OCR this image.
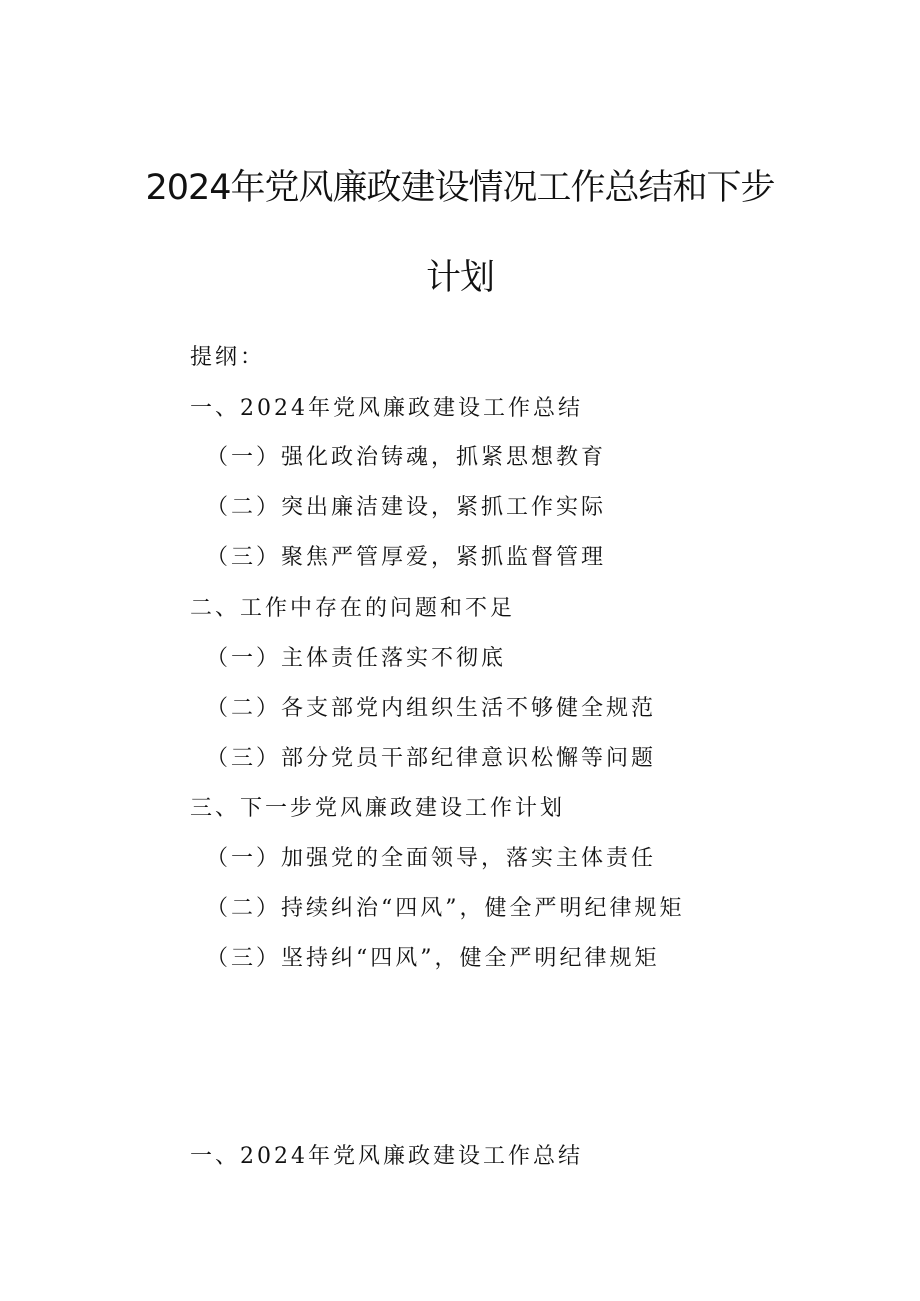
2024年党风廉政建设情况工作总结和下步
计划

提纲：

一、2024年党风廉政建设工作总结

（一）强化政治铸魂，抓紧思想教育

（二）突出廉洁建设，紧抓工作实际

（三）聚焦严管厚爱，紧抓监督管理

二、工作中存在的问题和不足

（一）主体责任落实不彻底

（二）各支部党内组织生活不够健全规范

（三）部分党员干部纪律意识松懈等问题

三、下一步党风廉政建设工作计划

（一）加强党的全面领导，落实主体责任

（二）持续纠治“四风”，健全严明纪律规矩

（三）坚持纠“四风”，健全严明纪律规矩

一、2024年党风廉政建设工作总结
